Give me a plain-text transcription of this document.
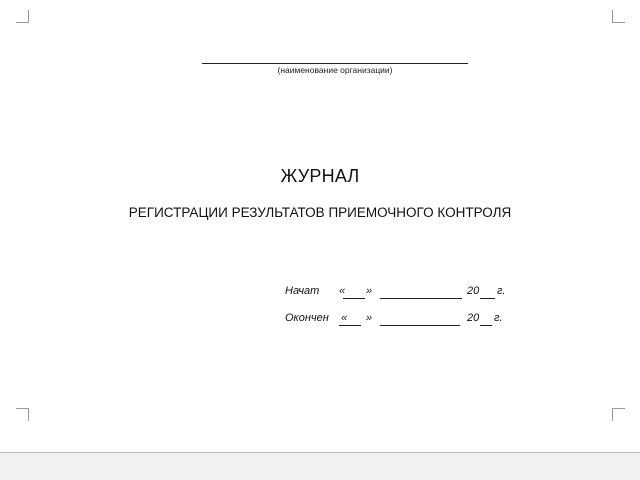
(наименование организации)
ЖУРНАЛ
РЕГИСТРАЦИИ РЕЗУЛЬТАТОВ ПРИЕМОЧНОГО КОНТРОЛЯ
Начат « »	20 г.
Окончен « »	20 г.
